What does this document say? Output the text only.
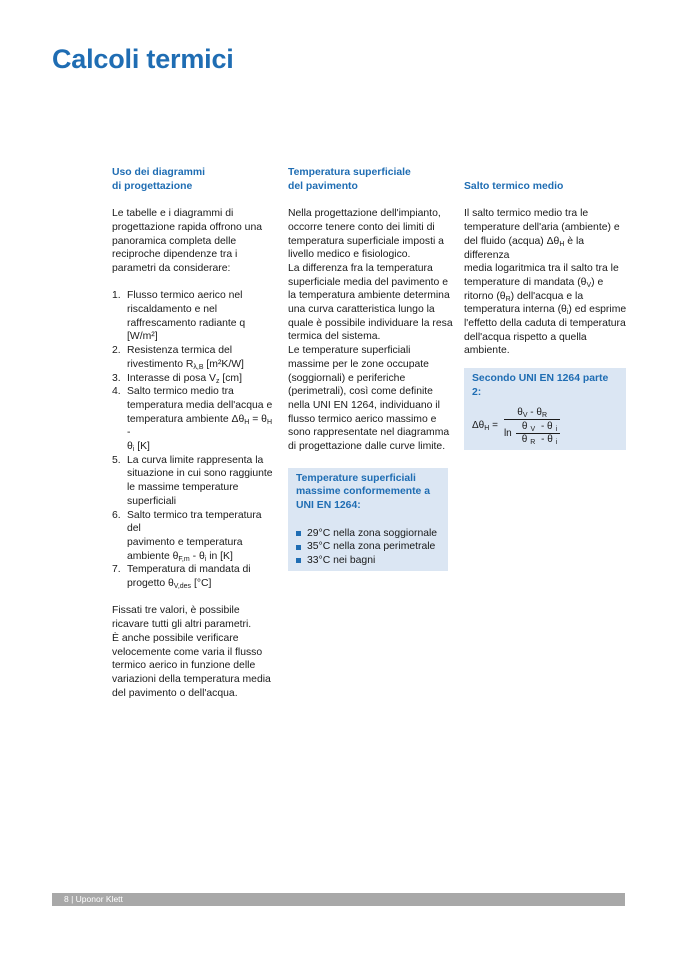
Calcoli termici

Uso dei diagrammi
di progettazione

Le tabelle e i diagrammi di
progettazione rapida offrono una
panoramica completa delle
reciproche dipendenze tra i
parametri da considerare:

1. Flusso termico aerico nel
riscaldamento e nel
raffrescamento radiante q [W/m²]
2. Resistenza termica del
rivestimento $R_{\lambda,B}$ [m²K/W]
3. Interasse di posa $V_z$ [cm]
4. Salto termico medio tra
temperatura media dell'acqua e
temperatura ambiente $\Delta\theta_H = \theta_H$ -
$\theta_i$ [K]
5. La curva limite rappresenta la
situazione in cui sono raggiunte
le massime temperature
superficiali
6. Salto termico tra temperatura del
pavimento e temperatura
ambiente $\theta_{F,m} - \theta_i$ in [K]
7. Temperatura di mandata di
progetto $\theta_{V,des}$ [°C]

Fissati tre valori, è possibile
ricavare tutti gli altri parametri.
È anche possibile verificare
velocemente come varia il flusso
termico aerico in funzione delle
variazioni della temperatura media
del pavimento o dell'acqua.

Temperatura superficiale
del pavimento

Nella progettazione dell'impianto,
occorre tenere conto dei limiti di
temperatura superficiale imposti a
livello medico e fisiologico.
La differenza fra la temperatura
superficiale media del pavimento e
la temperatura ambiente determina
una curva caratteristica lungo la
quale è possibile individuare la resa
termica del sistema.
Le temperature superficiali
massime per le zone occupate
(soggiornali) e periferiche
(perimetrali), così come definite
nella UNI EN 1264, individuano il
flusso termico aerico massimo e
sono rappresentate nel diagramma
di progettazione dalle curve limite.

Temperature superficiali
massime conformemente a
UNI EN 1264:
29°C nella zona soggiornale
35°C nella zona perimetrale
33°C nei bagni

Salto termico medio

Il salto termico medio tra le
temperature dell'aria (ambiente) e
del fluido (acqua) $\Delta\theta_H$ è la differenza
media logaritmica tra il salto tra le
temperature di mandata $(\theta_V)$ e
ritorno $(\theta_R)$ dell'acqua e la
temperatura interna $(\theta_i)$ ed esprime
l'effetto della caduta di temperatura
dell'acqua rispetto a quella ambiente.

Secondo UNI EN 1264 parte 2:
$\Delta\theta_H$ =
$\theta_V - \theta_R$
ln
θ $_V$ - θ $_i$
θ $_R$ - θ $_i$
8 | Uponor Klett
